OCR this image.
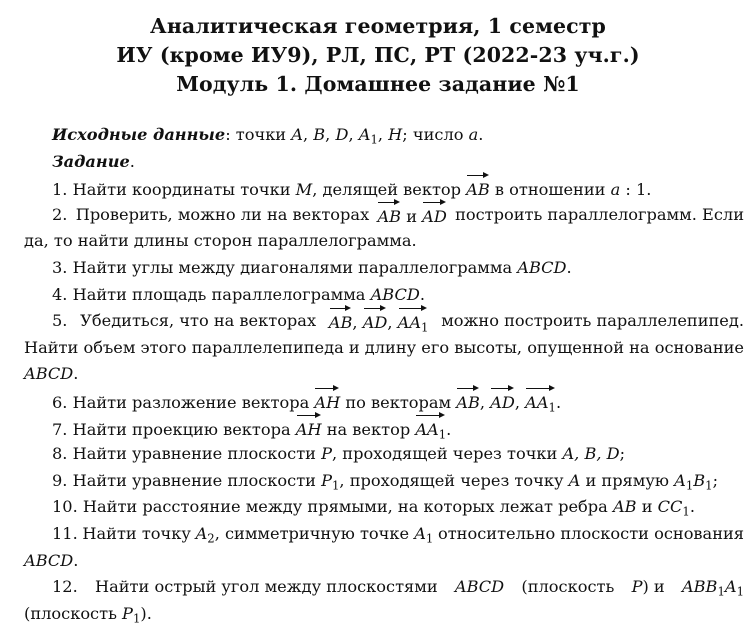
Аналитическая геометрия, 1 семестр
ИУ (кроме ИУ9), РЛ, ПС, РТ (2022-23 уч.г.)
Модуль 1. Домашнее задание №1
Исходные данные: точки A, B, D, $A_1$, H; число a.
Задание.
1. Найти координаты точки M, делящей вектор AB в отношении a : 1.
2. Проверить, можно ли на векторах AB и AD построить параллелограмм. Если
да, то найти длины сторон параллелограмма.
3. Найти углы между диагоналями параллелограмма ABCD.
4. Найти площадь параллелограмма ABCD.
5. Убедиться, что на векторах AB, AD, $AA_1$ можно построить параллелепипед.
Найти объем этого параллелепипеда и длину его высоты, опущенной на основание
ABCD.
6. Найти разложение вектора AH по векторам AB, AD, $AA_1$.
7. Найти проекцию вектора AH на вектор $AA_1$.
8. Найти уравнение плоскости P, проходящей через точки A, B, D;
9. Найти уравнение плоскости $P_1$, проходящей через точку A и прямую $A_1B_1$;
10. Найти расстояние между прямыми, на которых лежат ребра AB и $CC_1$.
11. Найти точку $A_2$, симметричную точке $A_1$ относительно плоскости основания
ABCD.
12. Найти острый угол между плоскостями ABCD (плоскость P) и $ABB_1A_1$
(плоскость $P_1$).
